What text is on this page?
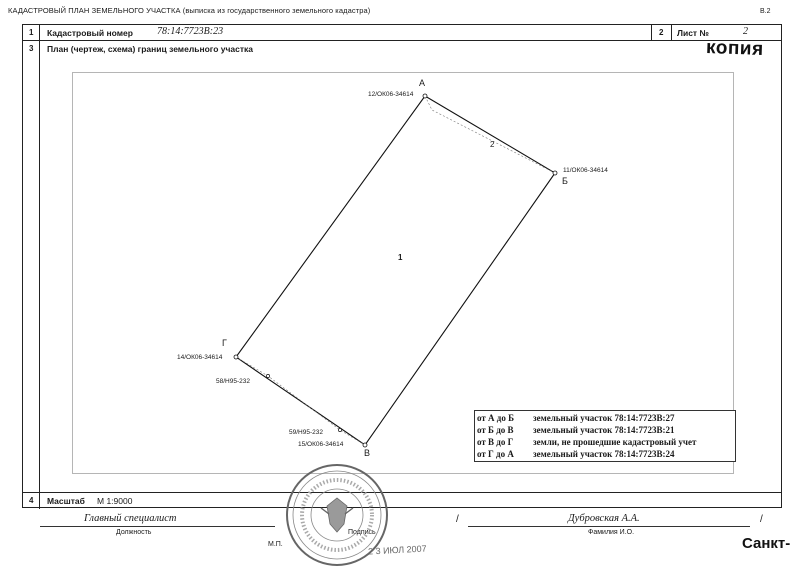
КАДАСТРОВЫЙ ПЛАН ЗЕМЕЛЬНОГО УЧАСТКА (выписка из государственного земельного кадастра)	В.2
1 Кадастровый номер 78:14:7723В:23	2 Лист №	2
3 План (чертеж, схема) границ земельного участка
4 Масштаб М 1:9000
копия
А
Б
В
Г
12/ОК06-34614
11/ОК06-34614
14/ОК06-34614
58/Н95-232
59/Н95-232
15/ОК06-34614
1
2
от А до Б земельный участок 78:14:7723В:27
от Б до В земельный участок 78:14:7723В:21
от В до Г земли, не прошедшие кадастровый учет
от Г до А земельный участок 78:14:7723В:24
Главный специалист
Должность
М.П.
Подпись
/	Дубровская А.А.
Фамилия И.О.
/
2 3 ИЮЛ 2007	Санкт-
